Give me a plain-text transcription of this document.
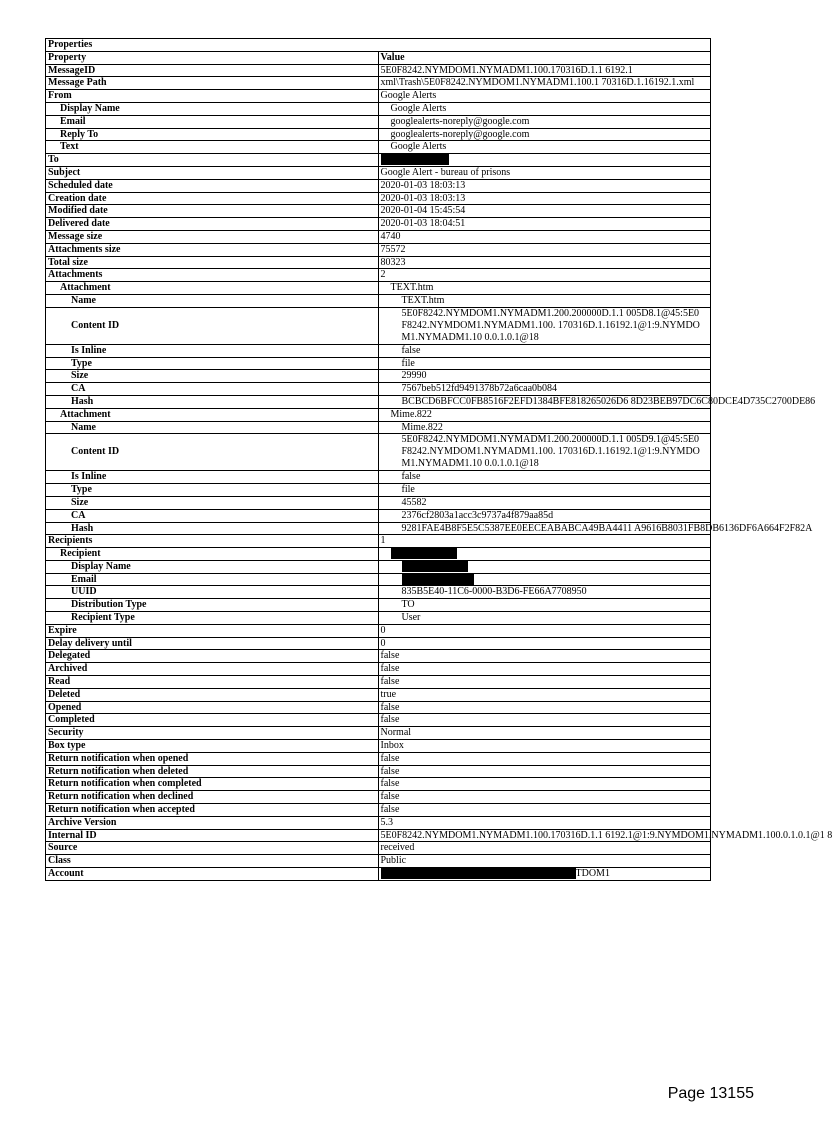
Properties	
Property	Value
MessageID	5E0F8242.NYMDOM1.NYMADM1.100.170316D.1.1 6192.1
Message Path	xml\Trash\5E0F8242.NYMDOM1.NYMADM1.100.1 70316D.1.16192.1.xml
From	Google Alerts
Display Name	Google Alerts
Email	googlealerts-noreply@google.com
Reply To	googlealerts-noreply@google.com
Text	Google Alerts
To	
Subject	Google Alert - bureau of prisons
Scheduled date	2020-01-03 18:03:13
Creation date	2020-01-03 18:03:13
Modified date	2020-01-04 15:45:54
Delivered date	2020-01-03 18:04:51
Message size	4740
Attachments size	75572
Total size	80323
Attachments	2
Attachment	TEXT.htm
Name	TEXT.htm
Content ID	5E0F8242.NYMDOM1.NYMADM1.200.200000D.1.1 005D8.1@45:5E0F8242.NYMDOM1.NYMADM1.100. 170316D.1.16192.1@1:9.NYMDOM1.NYMADM1.10 0.0.1.0.1@18

Is Inline	false
Type	file
Size	29990
CA	7567beb512fd9491378b72a6caa0b084
Hash	BCBCD6BFCC0FB8516F2EFD1384BFE818265026D6 8D23BEB97DC6C80DCE4D735C2700DE86
Attachment	Mime.822
Name	Mime.822
Content ID	5E0F8242.NYMDOM1.NYMADM1.200.200000D.1.1 005D9.1@45:5E0F8242.NYMDOM1.NYMADM1.100. 170316D.1.16192.1@1:9.NYMDOM1.NYMADM1.10 0.0.1.0.1@18

Is Inline	false
Type	file
Size	45582
CA	2376cf2803a1acc3c9737a4f879aa85d
Hash	9281FAE4B8F5E5C5387EE0EECEABABCA49BA4411 A9616B8031FB8DB6136DF6A664F2F82A
Recipients	1
Recipient	
Display Name	
Email	
UUID	835B5E40-11C6-0000-B3D6-FE66A7708950
Distribution Type	TO
Recipient Type	User
Expire	0
Delay delivery until	0
Delegated	false
Archived	false
Read	false
Deleted	true
Opened	false
Completed	false
Security	Normal
Box type	Inbox
Return notification when opened	false
Return notification when deleted	false
Return notification when completed	false
Return notification when declined	false
Return notification when accepted	false
Archive Version	5.3
Internal ID	5E0F8242.NYMDOM1.NYMADM1.100.170316D.1.1 6192.1@1:9.NYMDOM1.NYMADM1.100.0.1.0.1@1 8
Source	received
Class	Public
Account	TDOM1
Page 13155
